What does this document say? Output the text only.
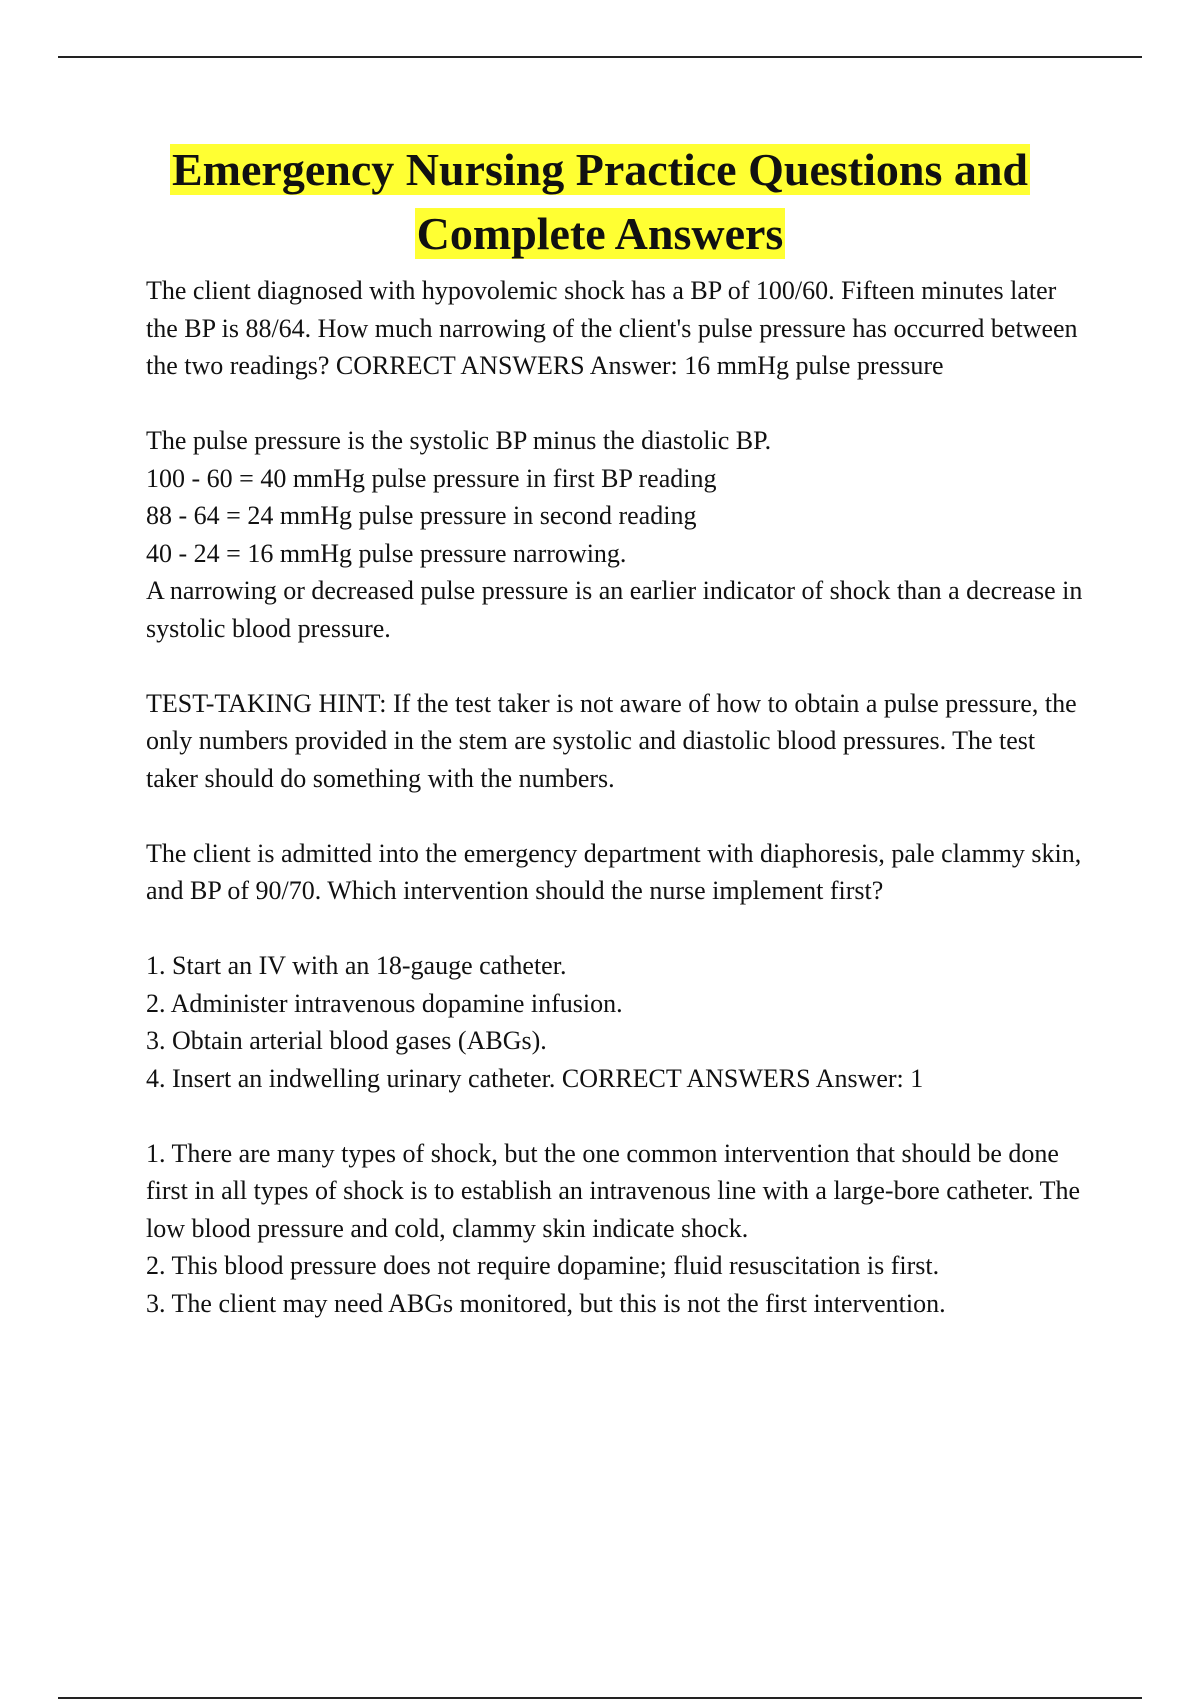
Emergency Nursing Practice Questions and
Complete Answers

The client diagnosed with hypovolemic shock has a BP of 100/60. Fifteen minutes later the BP is 88/64. How much narrowing of the client's pulse pressure has occurred between the two readings? CORRECT ANSWERS Answer: 16 mmHg pulse pressure

The pulse pressure is the systolic BP minus the diastolic BP.

100 - 60 = 40 mmHg pulse pressure in first BP reading

88 - 64 = 24 mmHg pulse pressure in second reading

40 - 24 = 16 mmHg pulse pressure narrowing.

A narrowing or decreased pulse pressure is an earlier indicator of shock than a decrease in systolic blood pressure.

TEST-TAKING HINT: If the test taker is not aware of how to obtain a pulse pressure, the only numbers provided in the stem are systolic and diastolic blood pressures. The test taker should do something with the numbers.

The client is admitted into the emergency department with diaphoresis, pale clammy skin, and BP of 90/70. Which intervention should the nurse implement first?

1. Start an IV with an 18-gauge catheter.

2. Administer intravenous dopamine infusion.

3. Obtain arterial blood gases (ABGs).

4. Insert an indwelling urinary catheter. CORRECT ANSWERS Answer: 1

1. There are many types of shock, but the one common intervention that should be done first in all types of shock is to establish an intravenous line with a large-bore catheter. The low blood pressure and cold, clammy skin indicate shock.

2. This blood pressure does not require dopamine; fluid resuscitation is first.

3. The client may need ABGs monitored, but this is not the first intervention.
